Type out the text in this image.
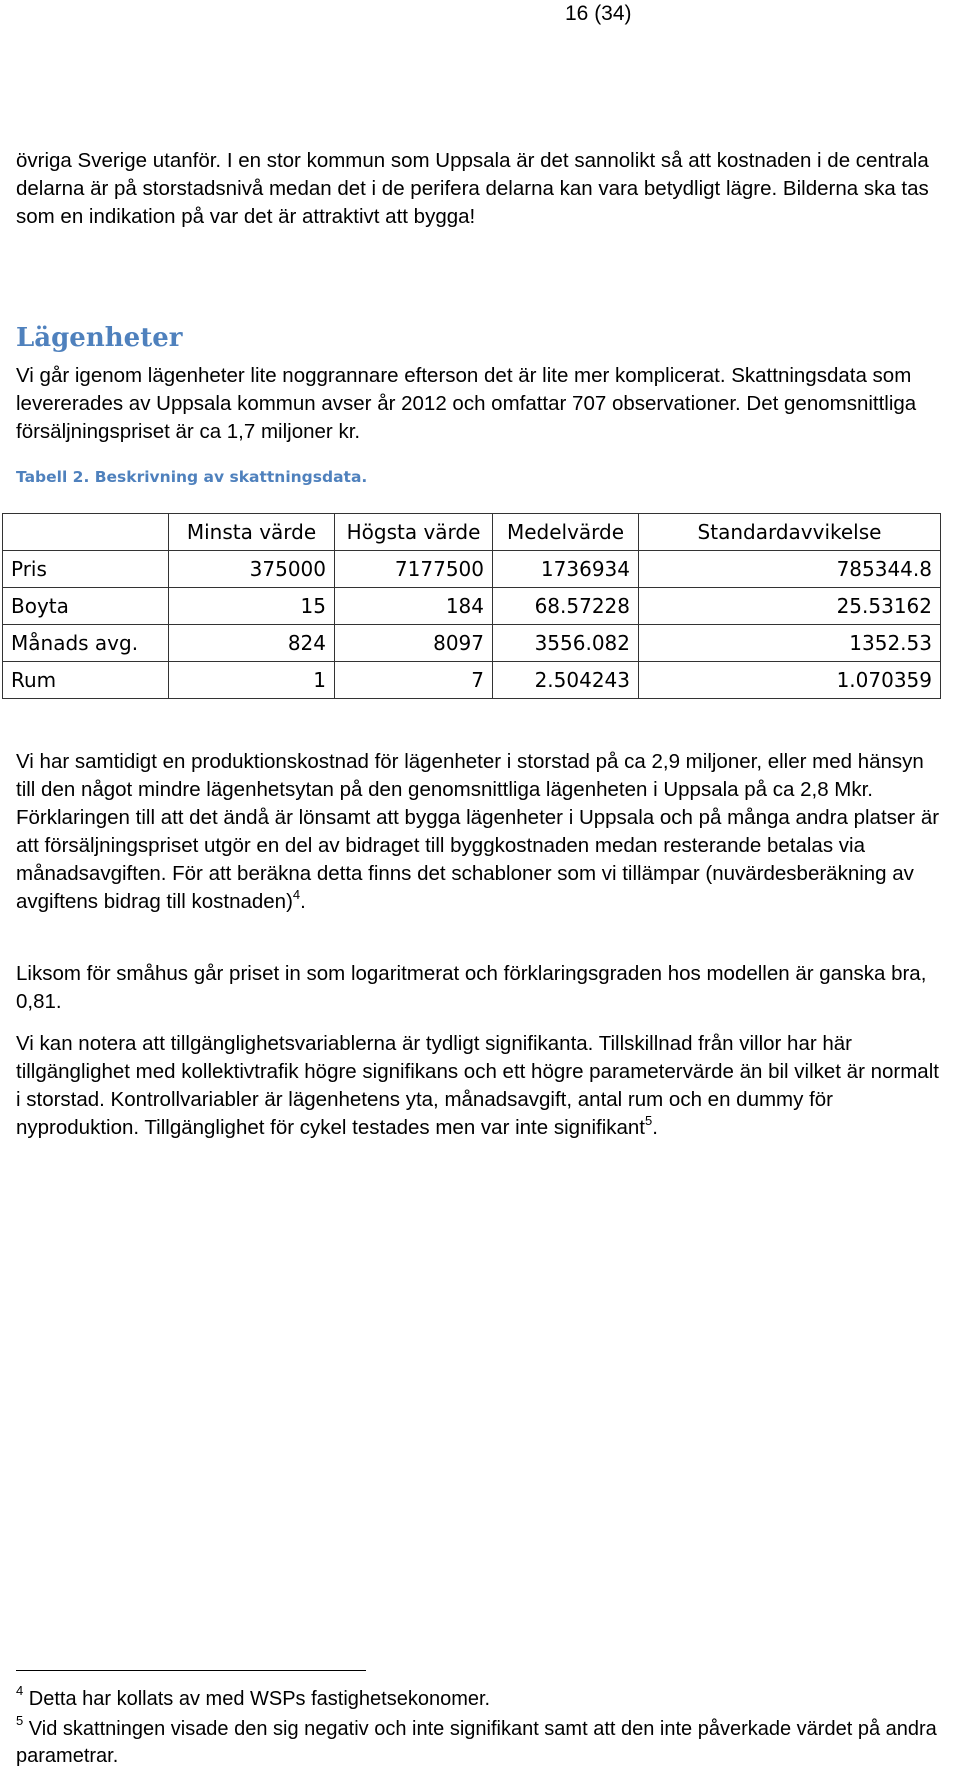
16 (34)

övriga Sverige utanför. I en stor kommun som Uppsala är det sannolikt så att kostnaden i de centrala delarna är på storstadsnivå medan det i de perifera delarna kan vara betydligt lägre. Bilderna ska tas som en indikation på var det är attraktivt att bygga!

Lägenheter

Vi går igenom lägenheter lite noggrannare efterson det är lite mer komplicerat. Skattningsdata som levererades av Uppsala kommun avser år 2012 och omfattar 707 observationer. Det genomsnittliga försäljningspriset är ca 1,7 miljoner kr.

Tabell 2. Beskrivning av skattningsdata.

	Minsta värde	Högsta värde	Medelvärde	Standardavvikelse
Pris	375000	7177500	1736934	785344.8
Boyta	15	184	68.57228	25.53162
Månads avg.	824	8097	3556.082	1352.53
Rum	1	7	2.504243	1.070359

Vi har samtidigt en produktionskostnad för lägenheter i storstad på ca 2,9 miljoner, eller med hänsyn till den något mindre lägenhetsytan på den genomsnittliga lägenheten i Uppsala på ca 2,8 Mkr. Förklaringen till att det ändå är lönsamt att bygga lägenheter i Uppsala och på många andra platser är att försäljningspriset utgör en del av bidraget till byggkostnaden medan resterande betalas via månadsavgiften. För att beräkna detta finns det schabloner som vi tillämpar (nuvärdesberäkning av avgiftens bidrag till kostnaden)$^4$.

Liksom för småhus går priset in som logaritmerat och förklaringsgraden hos modellen är ganska bra, 0,81.

Vi kan notera att tillgänglighetsvariablerna är tydligt signifikanta. Tillskillnad från villor har här tillgänglighet med kollektivtrafik högre signifikans och ett högre parametervärde än bil vilket är normalt i storstad. Kontrollvariabler är lägenhetens yta, månadsavgift, antal rum och en dummy för nyproduktion. Tillgänglighet för cykel testades men var inte signifikant$^5$.

$^4$ Detta har kollats av med WSPs fastighetsekonomer.

$^5$ Vid skattningen visade den sig negativ och inte signifikant samt att den inte påverkade värdet på andra parametrar.
